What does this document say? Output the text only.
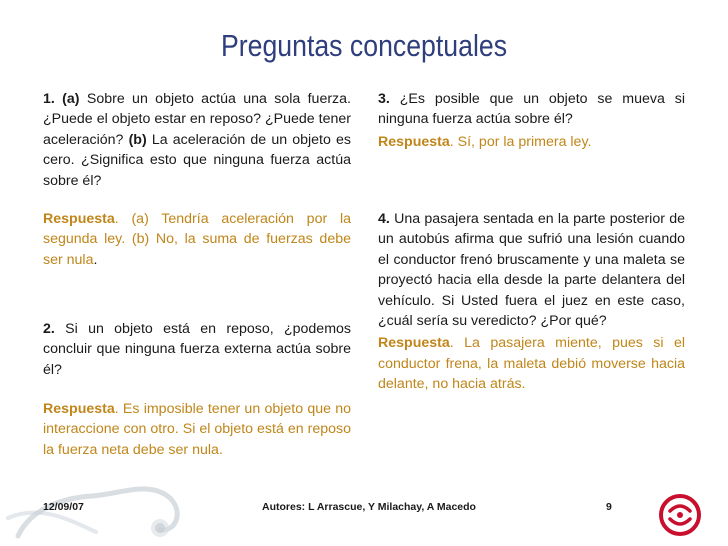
Preguntas conceptuales

1. (a) Sobre un objeto actúa una sola fuerza. ¿Puede el objeto estar en reposo? ¿Puede tener aceleración? (b) La aceleración de un objeto es cero. ¿Significa esto que ninguna fuerza actúa sobre él?

Respuesta. (a) Tendría aceleración por la segunda ley. (b) No, la suma de fuerzas debe ser nula.

2. Si un objeto está en reposo, ¿podemos concluir que ninguna fuerza externa actúa sobre él?

Respuesta. Es imposible tener un objeto que no interaccione con otro. Si el objeto está en reposo la fuerza neta debe ser nula.

3. ¿Es posible que un objeto se mueva si ninguna fuerza actúa sobre él?

Respuesta. Sí, por la primera ley.

4. Una pasajera sentada en la parte posterior de un autobús afirma que sufrió una lesión cuando el conductor frenó bruscamente y una maleta se proyectó hacia ella desde la parte delantera del vehículo. Si Usted fuera el juez en este caso, ¿cuál sería su veredicto? ¿Por qué?

Respuesta. La pasajera miente, pues si el conductor frena, la maleta debió moverse hacia delante, no hacia atrás.

12/09/07	Autores: L Arrascue, Y Milachay, A Macedo	9
